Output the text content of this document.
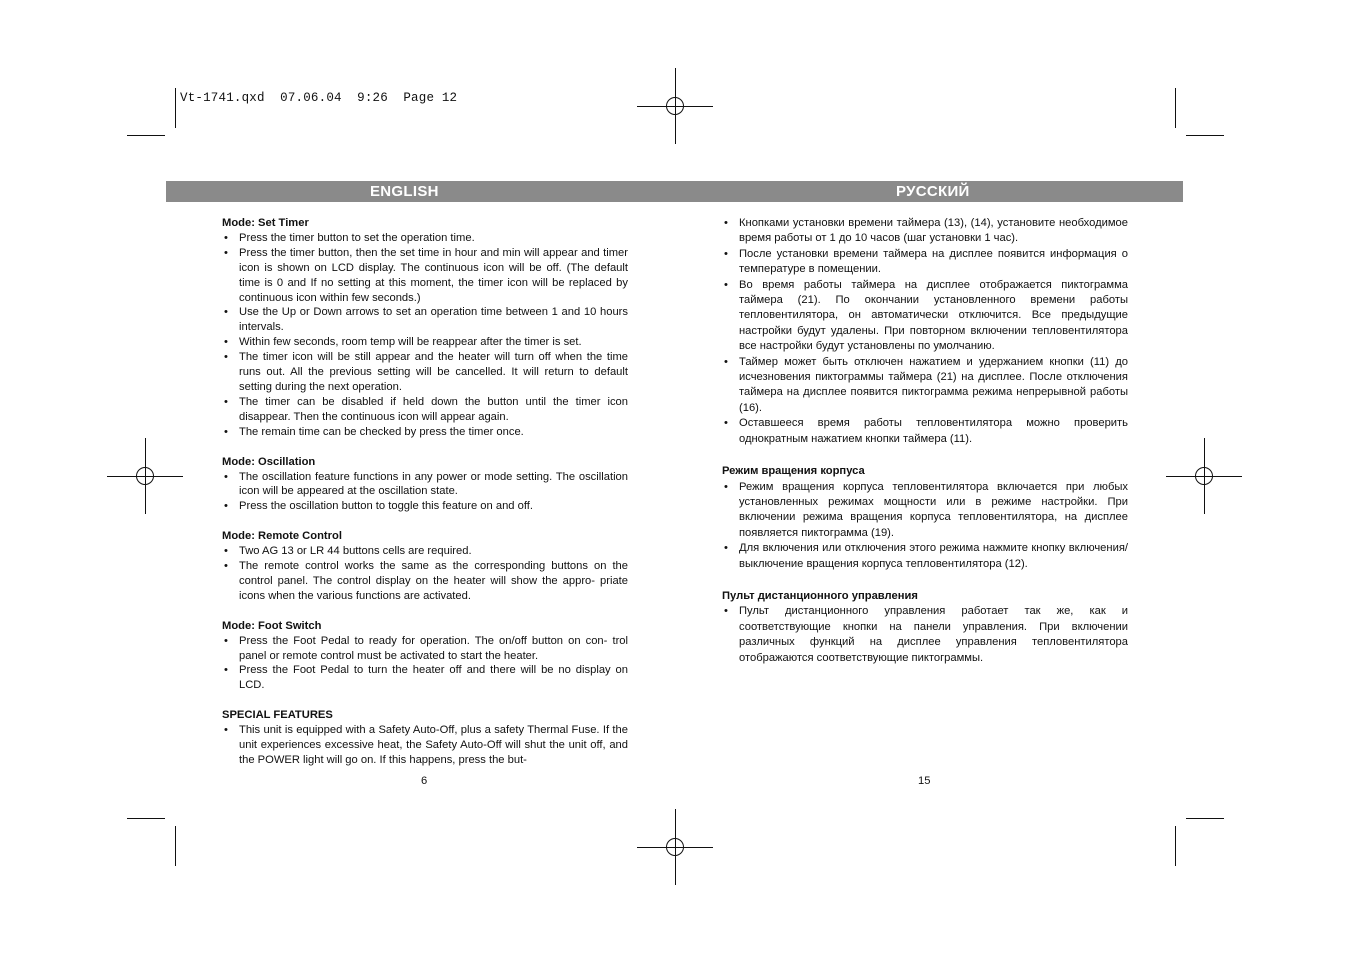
Vt-1741.qxd  07.06.04  9:26  Page 12
ENGLISH	РУССКИЙ

Mode: Set Timer

• Press the timer button to set the operation time.
• Press the timer button, then the set time in hour and min will appear and timer icon is shown on LCD display. The continuous icon will be off. (The default time is 0 and If no setting at this moment, the timer icon will be replaced by continuous icon within few seconds.)
• Use the Up or Down arrows to set an operation time between 1 and 10 hours intervals.
• Within few seconds, room temp will be reappear after the timer is set.
• The timer icon will be still appear and the heater will turn off when the time runs out. All the previous setting will be cancelled. It will return to default setting during the next operation.
• The timer can be disabled if held down the button until the timer icon disappear. Then the continuous icon will appear again.
• The remain time can be checked by press the timer once.

Mode: Oscillation

• The oscillation feature functions in any power or mode setting. The oscillation icon will be appeared at the oscillation state.
• Press the oscillation button to toggle this feature on and off.

Mode: Remote Control

• Two AG 13 or LR 44 buttons cells are required.
• The remote control works the same as the corresponding buttons on the control panel. The control display on the heater will show the appro- priate icons when the various functions are activated.

Mode: Foot Switch

• Press the Foot Pedal to ready for operation. The on/off button on con- trol panel or remote control must be activated to start the heater.
• Press the Foot Pedal to turn the heater off and there will be no display on LCD.

SPECIAL FEATURES

• This unit is equipped with a Safety Auto-Off, plus a safety Thermal Fuse. If the unit experiences excessive heat, the Safety Auto-Off will shut the unit off, and the POWER light will go on. If this happens, press the but-
6
• Кнопками установки времени таймера (13), (14), установите необходимое время работы от 1 до 10 часов (шаг установки 1 час).
• После установки времени таймера на дисплее появится информация о температуре в помещении.
• Во время работы таймера на дисплее отображается пиктограмма таймера (21). По окончании установленного времени работы тепловентилятора, он автоматически отключится. Все предыдущие настройки будут удалены. При повторном включении тепловентилятора все настройки будут установлены по умолчанию.
• Таймер может быть отключен нажатием и удержанием кнопки (11) до исчезновения пиктограммы таймера (21) на дисплее. После отключения таймера на дисплее появится пиктограмма режима непрерывной работы (16).
• Оставшееся время работы тепловентилятора можно проверить однократным нажатием кнопки таймера (11).

Режим вращения корпуса

• Режим вращения корпуса тепловентилятора включается при любых установленных режимах мощности или в режиме настройки. При включении режима вращения корпуса тепловентилятора, на дисплее появляется пиктограмма (19).
• Для включения или отключения этого режима нажмите кнопку включения/выключение вращения корпуса тепловентилятора (12).

Пульт дистанционного управления

• Пульт дистанционного управления работает так же, как и соответствующие кнопки на панели управления. При включении различных функций на дисплее управления тепловентилятора отображаются соответствующие пиктограммы.
15
